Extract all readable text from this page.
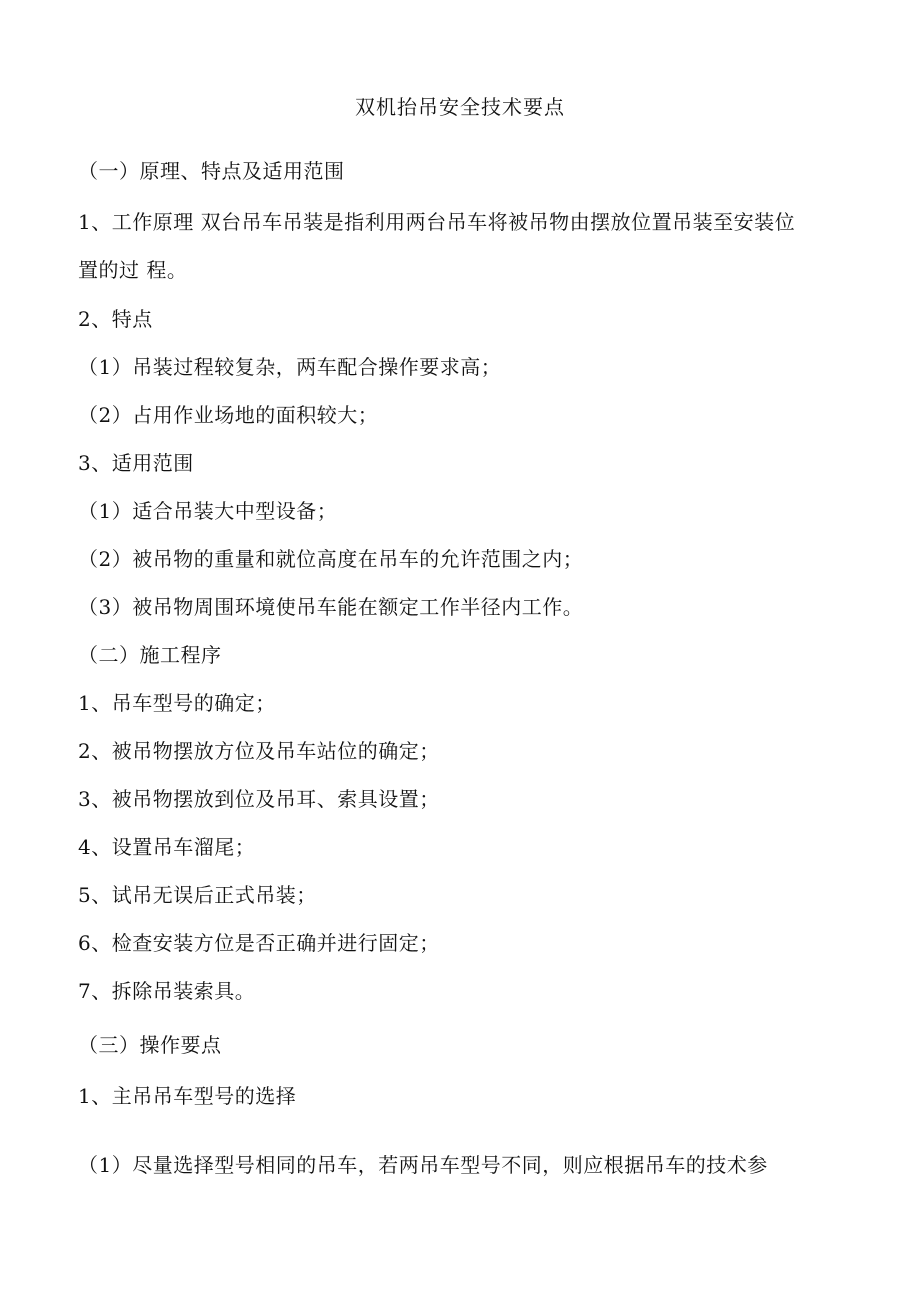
双机抬吊安全技术要点
（一）原理、特点及适用范围
1、工作原理 双台吊车吊装是指利用两台吊车将被吊物由摆放位置吊装至安装位
置的过 程。
2、特点
（1）吊装过程较复杂，两车配合操作要求高；
（2）占用作业场地的面积较大；
3、适用范围
（1）适合吊装大中型设备；
（2）被吊物的重量和就位高度在吊车的允许范围之内；
（3）被吊物周围环境使吊车能在额定工作半径内工作。
（二）施工程序
1、吊车型号的确定；
2、被吊物摆放方位及吊车站位的确定；
3、被吊物摆放到位及吊耳、索具设置；
4、设置吊车溜尾；
5、试吊无误后正式吊装；
6、检查安装方位是否正确并进行固定；
7、拆除吊装索具。
（三）操作要点
1、主吊吊车型号的选择
（1）尽量选择型号相同的吊车，若两吊车型号不同，则应根据吊车的技术参
